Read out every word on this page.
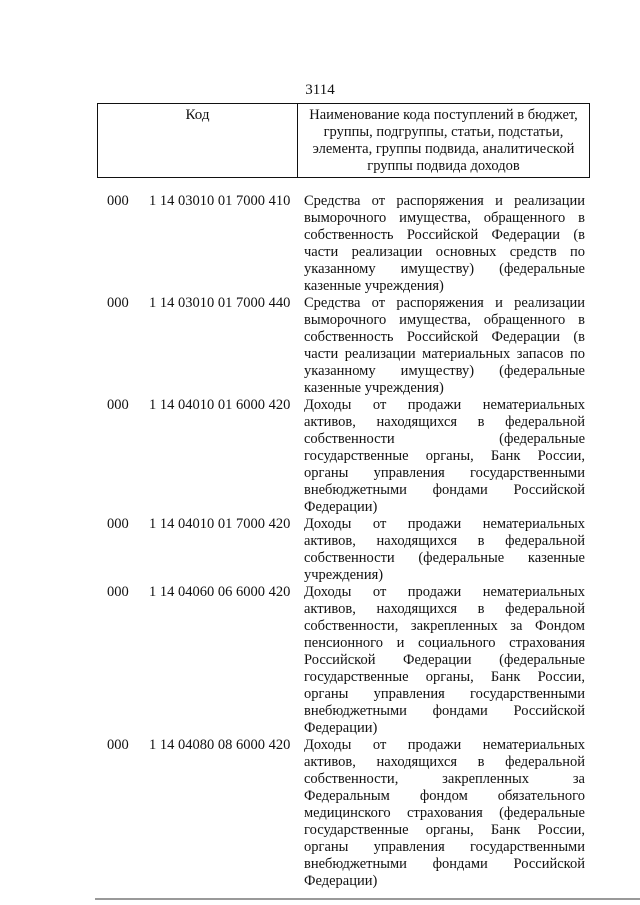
3114
Код	Наименование кода поступлений в бюджет, группы, подгруппы, статьи, подстатьи, элемента, группы подвида, аналитической группы подвида доходов
000 1 14 03010 01 7000 410 Средства от распоряжения и реализации выморочного имущества, обращенного в собственность Российской Федерации (в части реализации основных средств по указанному имуществу) (федеральные казенные учреждения)
000 1 14 03010 01 7000 440 Средства от распоряжения и реализации выморочного имущества, обращенного в собственность Российской Федерации (в части реализации материальных запасов по указанному имуществу) (федеральные казенные учреждения)
000 1 14 04010 01 6000 420 Доходы от продажи нематериальных активов, находящихся в федеральной собственности (федеральные государственные органы, Банк России, органы управления государственными внебюджетными фондами Российской Федерации)
000 1 14 04010 01 7000 420 Доходы от продажи нематериальных активов, находящихся в федеральной собственности (федеральные казенные учреждения)
000 1 14 04060 06 6000 420 Доходы от продажи нематериальных активов, находящихся в федеральной собственности, закрепленных за Фондом пенсионного и социального страхования Российской Федерации (федеральные государственные органы, Банк России, органы управления государственными внебюджетными фондами Российской Федерации)
000 1 14 04080 08 6000 420 Доходы от продажи нематериальных активов, находящихся в федеральной собственности, закрепленных за Федеральным фондом обязательного медицинского страхования (федеральные государственные органы, Банк России, органы управления государственными внебюджетными фондами Российской Федерации)
